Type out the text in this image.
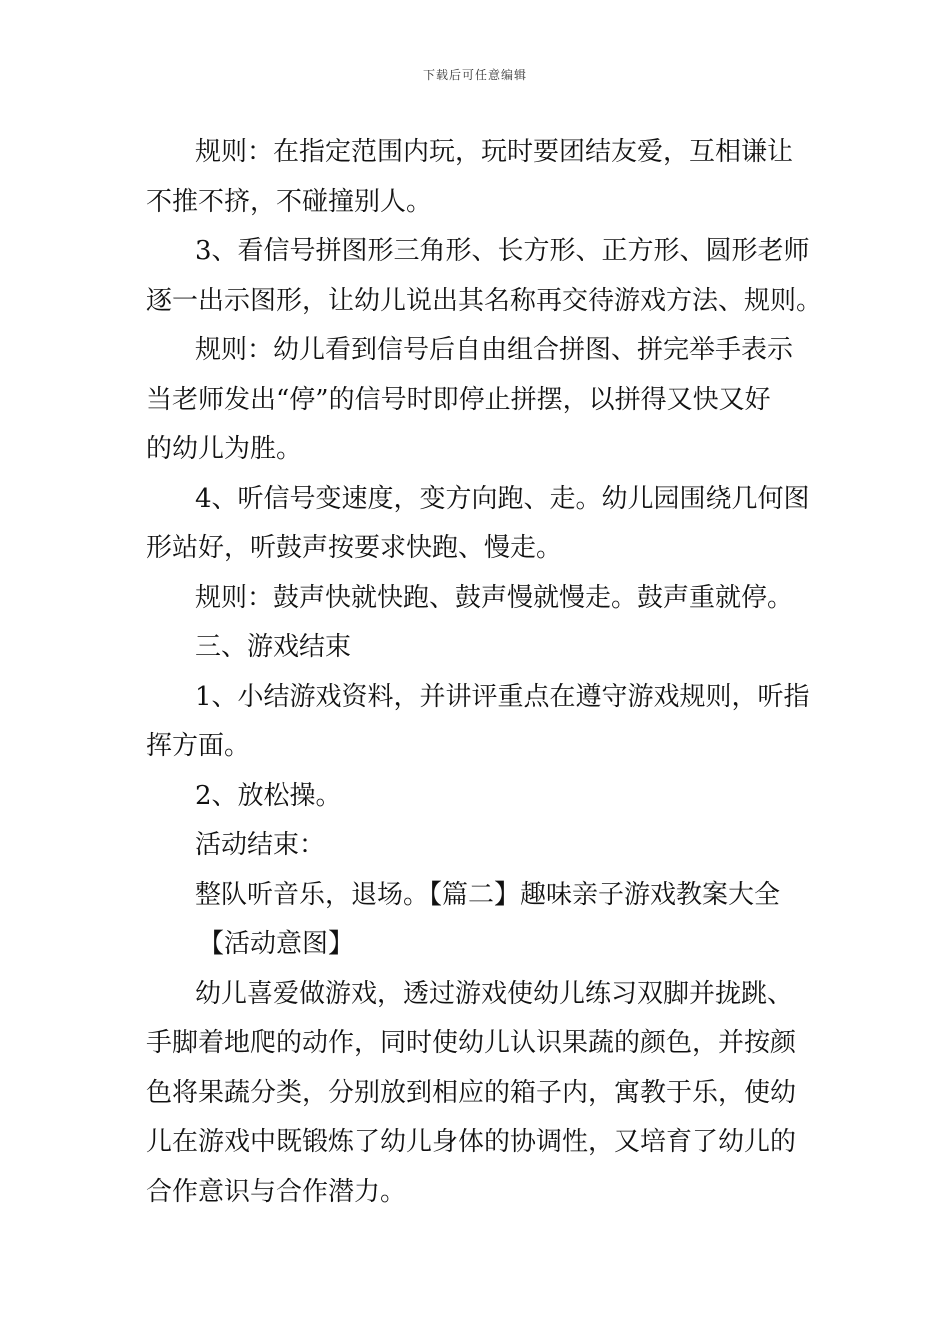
下载后可任意编辑
规则：在指定范围内玩，玩时要团结友爱，互相谦让
不推不挤，不碰撞别人。
3、看信号拼图形三角形、长方形、正方形、圆形老师
逐一出示图形，让幼儿说出其名称再交待游戏方法、规则。
规则：幼儿看到信号后自由组合拼图、拼完举手表示
当老师发出“停”的信号时即停止拼摆，以拼得又快又好
的幼儿为胜。
4、听信号变速度，变方向跑、走。幼儿园围绕几何图
形站好，听鼓声按要求快跑、慢走。
规则：鼓声快就快跑、鼓声慢就慢走。鼓声重就停。
三、游戏结束
1、小结游戏资料，并讲评重点在遵守游戏规则，听指
挥方面。
2、放松操。
活动结束：
整队听音乐，退场。【篇二】趣味亲子游戏教案大全
【活动意图】
幼儿喜爱做游戏，透过游戏使幼儿练习双脚并拢跳、
手脚着地爬的动作，同时使幼儿认识果蔬的颜色，并按颜
色将果蔬分类，分别放到相应的箱子内，寓教于乐，使幼
儿在游戏中既锻炼了幼儿身体的协调性，又培育了幼儿的
合作意识与合作潜力。
